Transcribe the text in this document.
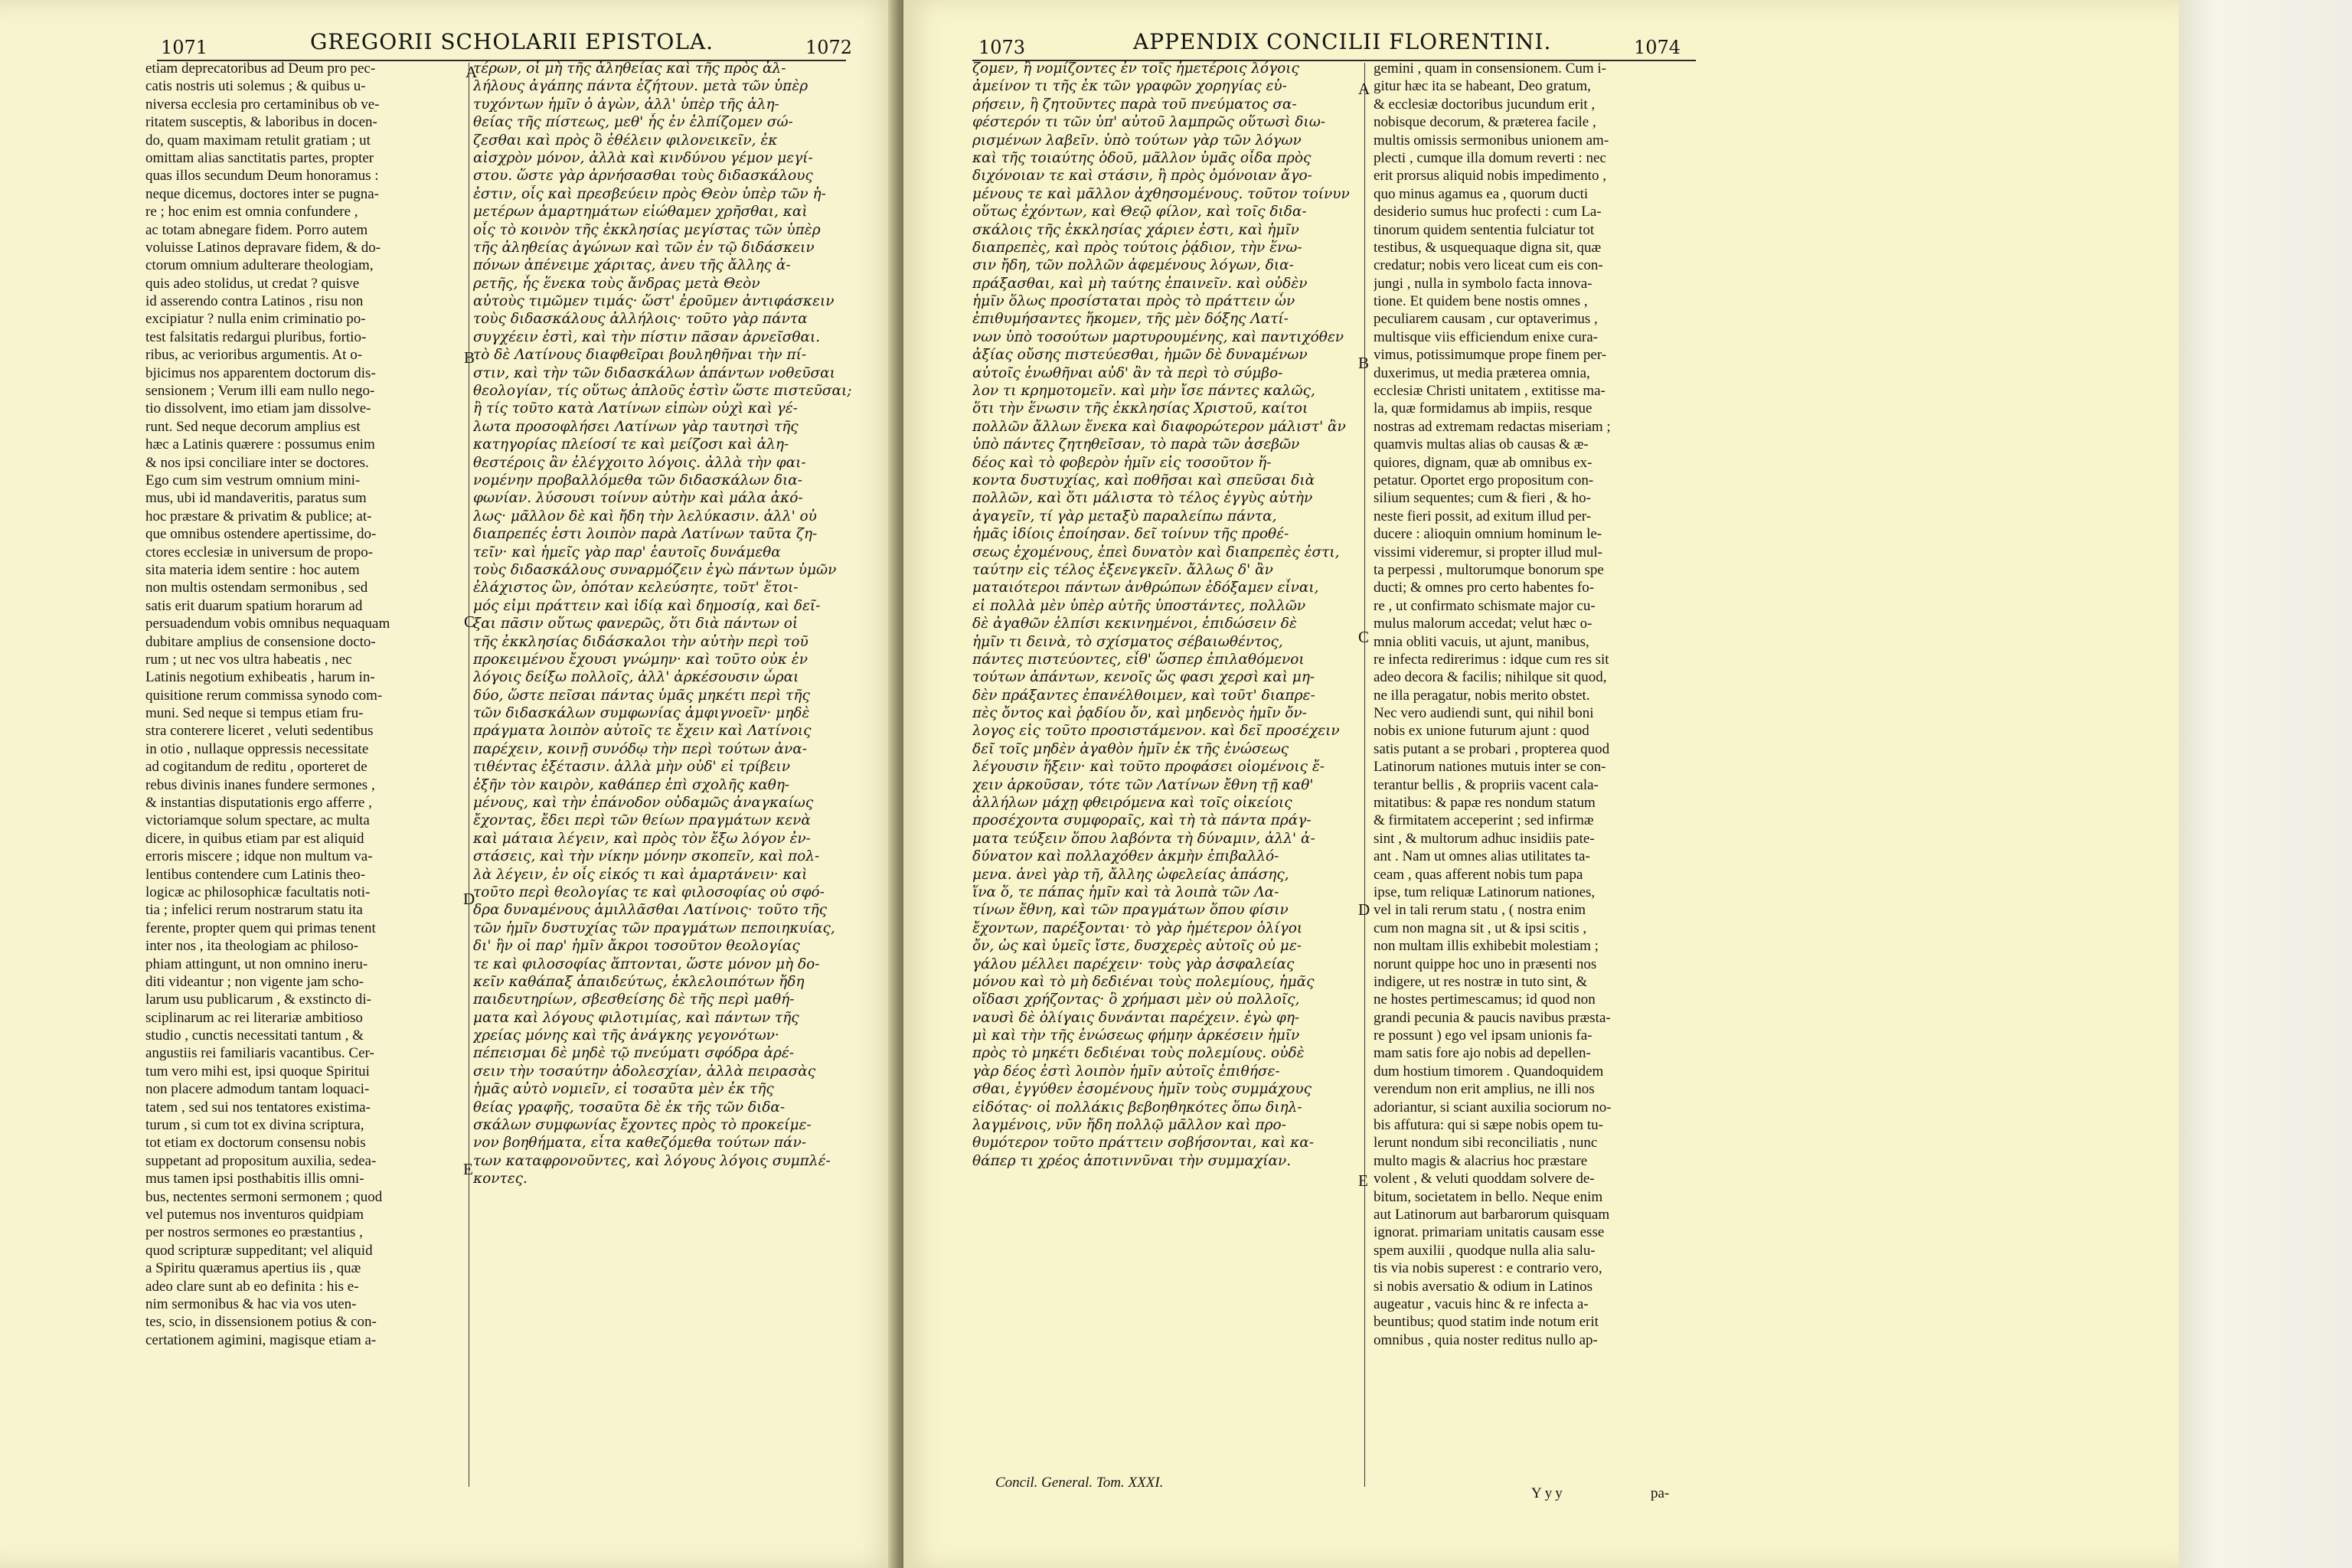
1071	GREGORII SCHOLARII EPISTOLA.	1072
etiam deprecatoribus ad Deum pro pec-
catis nostris uti solemus ; & quibus u-
niversa ecclesia pro certaminibus ob ve-
ritatem susceptis, & laboribus in docen-
do, quam maximam retulit gratiam ; ut
omittam alias sanctitatis partes, propter
quas illos secundum Deum honoramus :
neque dicemus, doctores inter se pugna-
re ; hoc enim est omnia confundere ,
ac totam abnegare fidem. Porro autem
voluisse Latinos depravare fidem, & do-
ctorum omnium adulterare theologiam,
quis adeo stolidus, ut credat ? quisve
id asserendo contra Latinos , risu non
excipiatur ? nulla enim criminatio po-
test falsitatis redargui pluribus, fortio-
ribus, ac verioribus argumentis. At o-
bjicimus nos apparentem doctorum dis-
sensionem ; Verum illi eam nullo nego-
tio dissolvent, imo etiam jam dissolve-
runt. Sed neque decorum amplius est
hæc a Latinis quærere : possumus enim
& nos ipsi conciliare inter se doctores.
Ego cum sim vestrum omnium mini-
mus, ubi id mandaveritis, paratus sum
hoc præstare & privatim & publice; at-
que omnibus ostendere apertissime, do-
ctores ecclesiæ in universum de propo-
sita materia idem sentire : hoc autem
non multis ostendam sermonibus , sed
satis erit duarum spatium horarum ad
persuadendum vobis omnibus nequaquam
dubitare amplius de consensione docto-
rum ; ut nec vos ultra habeatis , nec
Latinis negotium exhibeatis , harum in-
quisitione rerum commissa synodo com-
muni. Sed neque si tempus etiam fru-
stra conterere liceret , veluti sedentibus
in otio , nullaque oppressis necessitate
ad cogitandum de reditu , oporteret de
rebus divinis inanes fundere sermones ,
& instantias disputationis ergo afferre ,
victoriamque solum spectare, ac multa
dicere, in quibus etiam par est aliquid
erroris miscere ; idque non multum va-
lentibus contendere cum Latinis theo-
logicæ ac philosophicæ facultatis noti-
tia ; infelici rerum nostrarum statu ita
ferente, propter quem qui primas tenent
inter nos , ita theologiam ac philoso-
phiam attingunt, ut non omnino ineru-
diti videantur ; non vigente jam scho-
larum usu publicarum , & exstincto di-
sciplinarum ac rei literariæ ambitioso
studio , cunctis necessitati tantum , &
angustiis rei familiaris vacantibus. Cer-
tum vero mihi est, ipsi quoque Spiritui
non placere admodum tantam loquaci-
tatem , sed sui nos tentatores existima-
turum , si cum tot ex divina scriptura,
tot etiam ex doctorum consensu nobis
suppetant ad propositum auxilia, sedea-
mus tamen ipsi posthabitis illis omni-
bus, nectentes sermoni sermonem ; quod
vel putemus nos inventuros quidpiam
per nostros sermones eo præstantius ,
quod scripturæ suppeditant; vel aliquid
a Spiritu quæramus apertius iis , quæ
adeo clare sunt ab eo definita : his e-
nim sermonibus & hac via vos uten-
tes, scio, in dissensionem potius & con-
certationem agimini, magisque etiam a-
τέρων, οἷ μὴ τῆς ἀληθείας καὶ τῆς πρὸς ἀλ-
λήλους ἀγάπης πάντα ἐζήτουν. μετὰ τῶν ὑπὲρ
τυχόντων ἡμῖν ὁ ἀγὼν, ἀλλ' ὑπὲρ τῆς ἀλη-
θείας τῆς πίστεως, μεθ' ἧς ἐν ἐλπίζομεν σώ-
ζεσθαι καὶ πρὸς ὃ ἐθέλειν φιλονεικεῖν, ἐκ
αἰσχρὸν μόνον, ἀλλὰ καὶ κινδύνου γέμον μεγί-
στου. ὥστε γὰρ ἀρνήσασθαι τοὺς διδασκάλους
ἐστιν, οἷς καὶ πρεσβεύειν πρὸς Θεὸν ὑπὲρ τῶν ἡ-
μετέρων ἁμαρτημάτων εἰώθαμεν χρῆσθαι, καὶ
οἷς τὸ κοινὸν τῆς ἐκκλησίας μεγίστας τῶν ὑπὲρ
τῆς ἀληθείας ἀγώνων καὶ τῶν ἐν τῷ διδάσκειν
πόνων ἀπένειμε χάριτας, ἀνευ τῆς ἄλλης ἀ-
ρετῆς, ἧς ἕνεκα τοὺς ἄνδρας μετὰ Θεὸν
αὐτοὺς τιμῶμεν τιμάς· ὥστ' ἐροῦμεν ἀντιφάσκειν
τοὺς διδασκάλους ἀλλήλοις· τοῦτο γὰρ πάντα
συγχέειν ἐστὶ, καὶ τὴν πίστιν πᾶσαν ἀρνεῖσθαι.
τὸ δὲ Λατίνους διαφθεῖραι βουληθῆναι τὴν πί-
στιν, καὶ τὴν τῶν διδασκάλων ἁπάντων νοθεῦσαι
θεολογίαν, τίς οὕτως ἀπλοῦς ἐστὶν ὥστε πιστεῦσαι;
ἢ τίς τοῦτο κατὰ Λατίνων εἰπὼν οὐχὶ καὶ γέ-
λωτα προσοφλήσει Λατίνων γὰρ ταυτησὶ τῆς
κατηγορίας πλείοσί τε καὶ μείζοσι καὶ ἀλη-
θεστέροις ἂν ἐλέγχοιτο λόγοις. ἀλλὰ τὴν φαι-
νομένην προβαλλόμεθα τῶν διδασκάλων δια-
φωνίαν. λύσουσι τοίνυν αὐτὴν καὶ μάλα ἀκό-
λως· μᾶλλον δὲ καὶ ἤδη τὴν λελύκασιν. ἀλλ' οὐ
διαπρεπές ἐστι λοιπὸν παρὰ Λατίνων ταῦτα ζη-
τεῖν· καὶ ἡμεῖς γὰρ παρ' ἑαυτοῖς δυνάμεθα
τοὺς διδασκάλους συναρμόζειν ἐγὼ πάντων ὑμῶν
ἐλάχιστος ὢν, ὁπόταν κελεύσητε, τοῦτ' ἕτοι-
μός εἰμι πράττειν καὶ ἰδίᾳ καὶ δημοσίᾳ, καὶ δεῖ-
ξαι πᾶσιν οὕτως φανερῶς, ὅτι διὰ πάντων οἱ
τῆς ἐκκλησίας διδάσκαλοι τὴν αὐτὴν περὶ τοῦ
προκειμένου ἔχουσι γνώμην· καὶ τοῦτο οὐκ ἐν
λόγοις δείξω πολλοῖς, ἀλλ' ἀρκέσουσιν ὧραι
δύο, ὥστε πεῖσαι πάντας ὑμᾶς μηκέτι περὶ τῆς
τῶν διδασκάλων συμφωνίας ἀμφιγνοεῖν· μηδὲ
πράγματα λοιπὸν αὐτοῖς τε ἔχειν καὶ Λατίνοις
παρέχειν, κοινῇ συνόδῳ τὴν περὶ τούτων ἀνα-
τιθέντας ἐξέτασιν. ἀλλὰ μὴν οὐδ' εἰ τρίβειν
ἐξῆν τὸν καιρὸν, καθάπερ ἐπὶ σχολῆς καθη-
μένους, καὶ τὴν ἐπάνοδον οὐδαμῶς ἀναγκαίως
ἔχοντας, ἔδει περὶ τῶν θείων πραγμάτων κενὰ
καὶ μάταια λέγειν, καὶ πρὸς τὸν ἔξω λόγον ἐν-
στάσεις, καὶ τὴν νίκην μόνην σκοπεῖν, καὶ πολ-
λὰ λέγειν, ἐν οἷς εἰκός τι καὶ ἁμαρτάνειν· καὶ
τοῦτο περὶ θεολογίας τε καὶ φιλοσοφίας οὐ σφό-
δρα δυναμένους ἁμιλλᾶσθαι Λατίνοις· τοῦτο τῆς
τῶν ἡμῖν δυστυχίας τῶν πραγμάτων πεποιηκυίας,
δι' ἣν οἱ παρ' ἡμῖν ἄκροι τοσοῦτον θεολογίας
τε καὶ φιλοσοφίας ἅπτονται, ὥστε μόνον μὴ δο-
κεῖν καθάπαξ ἀπαιδεύτως, ἐκλελοιπότων ἤδη
παιδευτηρίων, σβεσθείσης δὲ τῆς περὶ μαθή-
ματα καὶ λόγους φιλοτιμίας, καὶ πάντων τῆς
χρείας μόνης καὶ τῆς ἀνάγκης γεγονότων·
πέπεισμαι δὲ μηδὲ τῷ πνεύματι σφόδρα ἀρέ-
σειν τὴν τοσαύτην ἀδολεσχίαν, ἀλλὰ πειρασὰς
ἡμᾶς αὐτὸ νομιεῖν, εἰ τοσαῦτα μὲν ἐκ τῆς
θείας γραφῆς, τοσαῦτα δὲ ἐκ τῆς τῶν διδα-
σκάλων συμφωνίας ἔχοντες πρὸς τὸ προκείμε-
νον βοηθήματα, εἶτα καθεζόμεθα τούτων πάν-
των καταφρονοῦντες, καὶ λόγους λόγοις συμπλέ-
κοντες.
A
B
C
D
E
1073	APPENDIX CONCILII FLORENTINI.	1074
ζομεν, ἢ νομίζοντες ἐν τοῖς ἡμετέροις λόγοις
ἀμείνον τι τῆς ἐκ τῶν γραφῶν χορηγίας εὑ-
ρήσειν, ἢ ζητοῦντες παρὰ τοῦ πνεύματος σα-
φέστερόν τι τῶν ὑπ' αὐτοῦ λαμπρῶς οὕτωσὶ διω-
ρισμένων λαβεῖν. ὑπὸ τούτων γὰρ τῶν λόγων
καὶ τῆς τοιαύτης ὁδοῦ, μᾶλλον ὑμᾶς οἶδα πρὸς
διχόνοιαν τε καὶ στάσιν, ἢ πρὸς ὁμόνοιαν ἄγο-
μένους τε καὶ μᾶλλον ἀχθησομένους. τοῦτον τοίνυν
οὕτως ἐχόντων, καὶ Θεῷ φίλον, καὶ τοῖς διδα-
σκάλοις τῆς ἐκκλησίας χάριεν ἐστι, καὶ ἡμῖν
διαπρεπὲς, καὶ πρὸς τούτοις ῥᾴδιον, τὴν ἕνω-
σιν ἤδη, τῶν πολλῶν ἀφεμένους λόγων, δια-
πράξασθαι, καὶ μὴ ταύτης ἐπαινεῖν. καὶ οὐδὲν
ἡμῖν ὅλως προσίσταται πρὸς τὸ πράττειν ὧν
ἐπιθυμήσαντες ἥκομεν, τῆς μὲν δόξης Λατί-
νων ὑπὸ τοσούτων μαρτυρουμένης, καὶ παντιχόθεν
ἀξίας οὔσης πιστεύεσθαι, ἡμῶν δὲ δυναμένων
αὐτοῖς ἑνωθῆναι αὐδ' ἂν τὰ περὶ τὸ σύμβο-
λον τι κρημοτομεῖν. καὶ μὴν ἴσε πάντες καλῶς,
ὅτι τὴν ἕνωσιν τῆς ἐκκλησίας Χριστοῦ, καίτοι
πολλῶν ἄλλων ἕνεκα καὶ διαφορώτερον μάλιστ' ἂν
ὑπὸ πάντες ζητηθεῖσαν, τὸ παρὰ τῶν ἀσεβῶν
δέος καὶ τὸ φοβερὸν ἡμῖν εἰς τοσοῦτον ἥ-
κοντα δυστυχίας, καὶ ποθῆσαι καὶ σπεῦσαι διὰ
πολλῶν, καὶ ὅτι μάλιστα τὸ τέλος ἐγγὺς αὐτὴν
ἀγαγεῖν, τί γὰρ μεταξὺ παραλείπω πάντα,
ἡμᾶς ἰδίοις ἐποίησαν. δεῖ τοίνυν τῆς προθέ-
σεως ἐχομένους, ἐπεὶ δυνατὸν καὶ διαπρεπὲς ἐστι,
ταύτην εἰς τέλος ἐξενεγκεῖν. ἄλλως δ' ἂν
ματαιότεροι πάντων ἀνθρώπων ἐδόξαμεν εἶναι,
εἰ πολλὰ μὲν ὑπὲρ αὐτῆς ὑποστάντες, πολλῶν
δὲ ἀγαθῶν ἐλπίσι κεκινημένοι, ἐπιδώσειν δὲ
ἡμῖν τι δεινὰ, τὸ σχίσματος σέβαιωθέντος,
πάντες πιστεύοντες, εἶθ' ὥσπερ ἐπιλαθόμενοι
τούτων ἁπάντων, κενοῖς ὥς φασι χερσὶ καὶ μη-
δὲν πράξαντες ἐπανέλθοιμεν, καὶ τοῦτ' διαπρε-
πὲς ὄντος καὶ ῥᾳδίου ὄν, καὶ μηδενὸς ἡμῖν ὄν-
λογος εἰς τοῦτο προσιστάμενον. καὶ δεῖ προσέχειν
δεῖ τοῖς μηδὲν ἀγαθὸν ἡμῖν ἐκ τῆς ἑνώσεως
λέγουσιν ἥξειν· καὶ τοῦτο προφάσει οἰομένοις ἔ-
χειν ἀρκοῦσαν, τότε τῶν Λατίνων ἔθνη τῇ καθ'
ἀλλήλων μάχῃ φθειρόμενα καὶ τοῖς οἰκείοις
προσέχοντα συμφοραῖς, καὶ τὴ τὰ πάντα πράγ-
ματα τεύξειν ὅπου λαβόντα τὴ δύναμιν, ἀλλ' ἀ-
δύνατον καὶ πολλαχόθεν ἀκμὴν ἐπιβαλλό-
μενα. ἀνεὶ γὰρ τῆ, ἄλλης ὠφελείας ἁπάσης,
ἵνα ὅ, τε πάπας ἡμῖν καὶ τὰ λοιπὰ τῶν Λα-
τίνων ἔθνη, καὶ τῶν πραγμάτων ὅπου φίσιν
ἔχοντων, παρέξονται· τὸ γὰρ ἡμέτερον ὀλίγοι
ὄν, ὡς καὶ ὑμεῖς ἴστε, δυσχερὲς αὐτοῖς οὐ με-
γάλου μέλλει παρέχειν· τοὺς γὰρ ἀσφαλείας
μόνου καὶ τὸ μὴ δεδιέναι τοὺς πολεμίους, ἡμᾶς
οἴδασι χρήζοντας· ὃ χρήμασι μὲν οὐ πολλοῖς,
ναυσὶ δὲ ὀλίγαις δυνάνται παρέχειν. ἐγὼ φη-
μὶ καὶ τὴν τῆς ἑνώσεως φήμην ἀρκέσειν ἡμῖν
πρὸς τὸ μηκέτι δεδιέναι τοὺς πολεμίους. οὐδὲ
γὰρ δέος ἐστὶ λοιπὸν ἡμῖν αὐτοῖς ἐπιθήσε-
σθαι, ἐγγύθεν ἐσομένους ἡμῖν τοὺς συμμάχους
εἰδότας· οἱ πολλάκις βεβοηθηκότες ὅπω διηλ-
λαγμένοις, νῦν ἤδη πολλῷ μᾶλλον καὶ προ-
θυμότερον τοῦτο πράττειν σοβήσονται, καὶ κα-
θάπερ τι χρέος ἀποτιννῦναι τὴν συμμαχίαν.
gemini , quam in consensionem. Cum i-
gitur hæc ita se habeant, Deo gratum,
& ecclesiæ doctoribus jucundum erit ,
nobisque decorum, & præterea facile ,
multis omissis sermonibus unionem am-
plecti , cumque illa domum reverti : nec
erit prorsus aliquid nobis impedimento ,
quo minus agamus ea , quorum ducti
desiderio sumus huc profecti : cum La-
tinorum quidem sententia fulciatur tot
testibus, & usquequaque digna sit, quæ
credatur; nobis vero liceat cum eis con-
jungi , nulla in symbolo facta innova-
tione. Et quidem bene nostis omnes ,
peculiarem causam , cur optaverimus ,
multisque viis efficiendum enixe cura-
vimus, potissimumque prope finem per-
duxerimus, ut media præterea omnia,
ecclesiæ Christi unitatem , extitisse ma-
la, quæ formidamus ab impiis, resque
nostras ad extremam redactas miseriam ;
quamvis multas alias ob causas & æ-
quiores, dignam, quæ ab omnibus ex-
petatur. Oportet ergo propositum con-
silium sequentes; cum & fieri , & ho-
neste fieri possit, ad exitum illud per-
ducere : alioquin omnium hominum le-
vissimi videremur, si propter illud mul-
ta perpessi , multorumque bonorum spe
ducti; & omnes pro certo habentes fo-
re , ut confirmato schismate major cu-
mulus malorum accedat; velut hæc o-
mnia obliti vacuis, ut ajunt, manibus,
re infecta redirerimus : idque cum res sit
adeo decora & facilis; nihilque sit quod,
ne illa peragatur, nobis merito obstet.
Nec vero audiendi sunt, qui nihil boni
nobis ex unione futurum ajunt : quod
satis putant a se probari , propterea quod
Latinorum nationes mutuis inter se con-
terantur bellis , & propriis vacent cala-
mitatibus: & papæ res nondum statum
& firmitatem acceperint ; sed infirmæ
sint , & multorum adhuc insidiis pate-
ant . Nam ut omnes alias utilitates ta-
ceam , quas afferent nobis tum papa
ipse, tum reliquæ Latinorum nationes,
vel in tali rerum statu , ( nostra enim
cum non magna sit , ut & ipsi scitis ,
non multam illis exhibebit molestiam ;
norunt quippe hoc uno in præsenti nos
indigere, ut res nostræ in tuto sint, &
ne hostes pertimescamus; id quod non
grandi pecunia & paucis navibus præsta-
re possunt ) ego vel ipsam unionis fa-
mam satis fore ajo nobis ad depellen-
dum hostium timorem . Quandoquidem
verendum non erit amplius, ne illi nos
adoriantur, si sciant auxilia sociorum no-
bis affutura: qui si sæpe nobis opem tu-
lerunt nondum sibi reconciliatis , nunc
multo magis & alacrius hoc præstare
volent , & veluti quoddam solvere de-
bitum, societatem in bello. Neque enim
aut Latinorum aut barbarorum quisquam
ignorat. primariam unitatis causam esse
spem auxilii , quodque nulla alia salu-
tis via nobis superest : e contrario vero,
si nobis aversatio & odium in Latinos
augeatur , vacuis hinc & re infecta a-
beuntibus; quod statim inde notum erit
omnibus , quia noster reditus nullo ap-
A
B
C
D
E
Concil. General. Tom. XXXI.
Yyy	pa-
